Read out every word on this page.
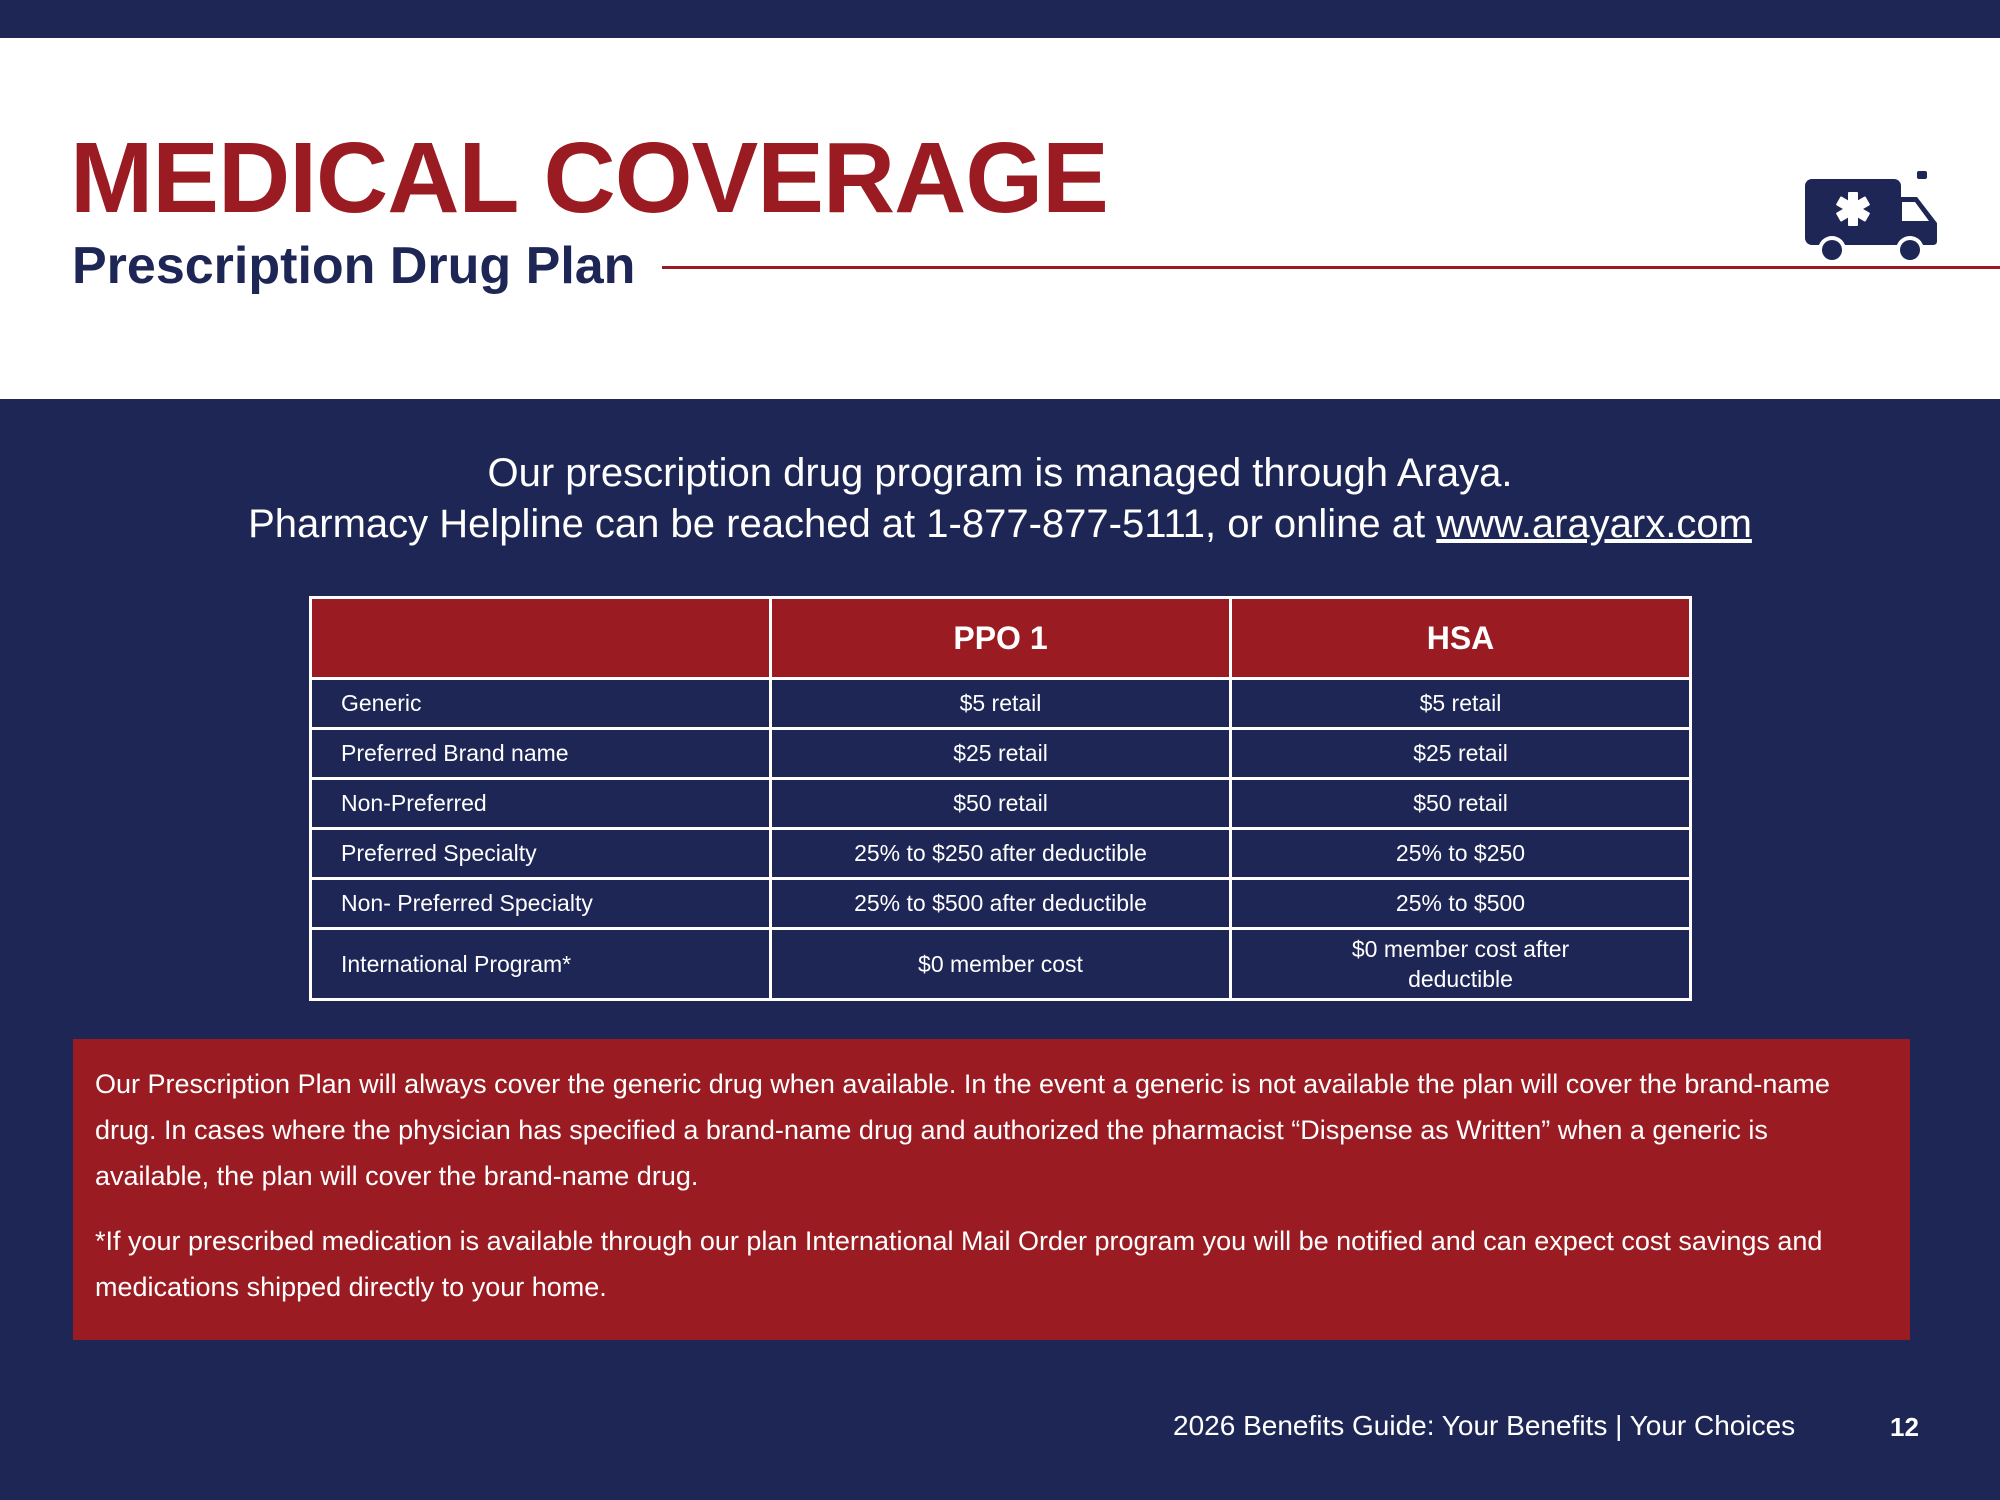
MEDICAL COVERAGE
Prescription Drug Plan
Our prescription drug program is managed through Araya.
Pharmacy Helpline can be reached at 1-877-877-5111, or online at www.arayarx.com
	PPO 1	HSA
Generic	$5 retail	$5 retail
Preferred Brand name	$25 retail	$25 retail
Non-Preferred	$50 retail	$50 retail
Preferred Specialty	25% to $250 after deductible	25% to $250
Non- Preferred Specialty	25% to $500 after deductible	25% to $500
International Program*	$0 member cost	$0 member cost after deductible

Our Prescription Plan will always cover the generic drug when available. In the event a generic is not available the plan will cover the brand-name drug. In cases where the physician has specified a brand-name drug and authorized the pharmacist “Dispense as Written” when a generic is available, the plan will cover the brand-name drug.

*If your prescribed medication is available through our plan International Mail Order program you will be notified and can expect cost savings and medications shipped directly to your home.

2026 Benefits Guide: Your Benefits | Your Choices	12
